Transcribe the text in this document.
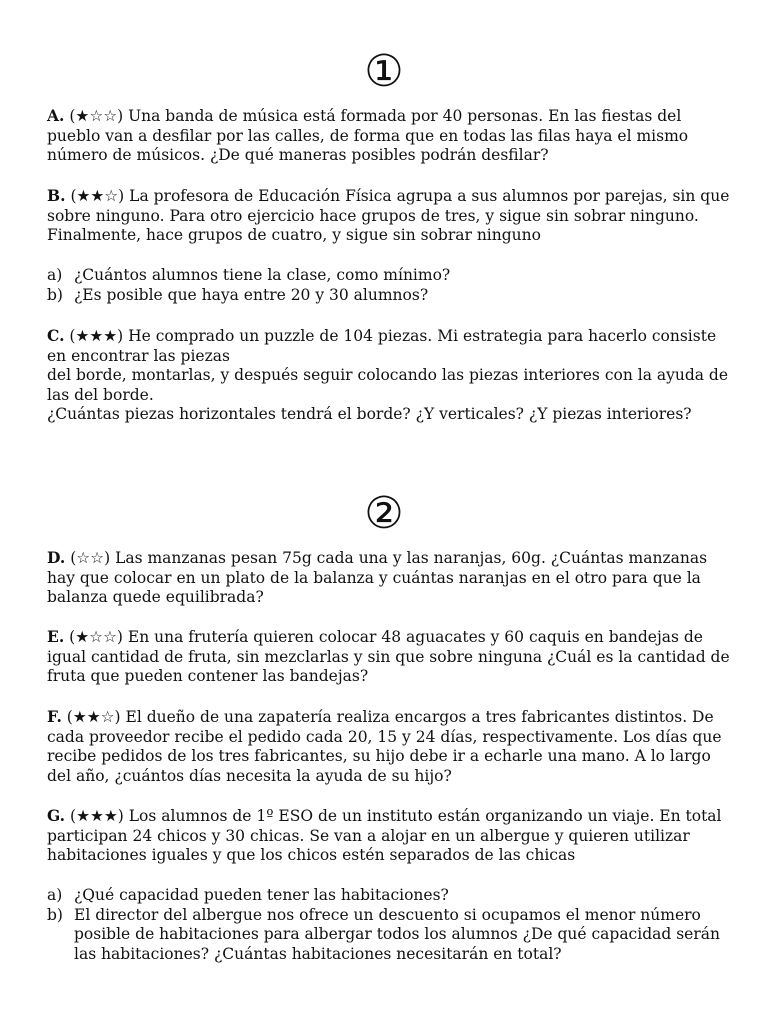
①

A. (★☆☆) Una banda de música está formada por 40 personas. En las fiestas del pueblo van a desfilar por las calles, de forma que en todas las filas haya el mismo número de músicos. ¿De qué maneras posibles podrán desfilar?

B. (★★☆) La profesora de Educación Física agrupa a sus alumnos por parejas, sin que sobre ninguno. Para otro ejercicio hace grupos de tres, y sigue sin sobrar ninguno. Finalmente, hace grupos de cuatro, y sigue sin sobrar ninguno

a) ¿Cuántos alumnos tiene la clase, como mínimo?
b) ¿Es posible que haya entre 20 y 30 alumnos?

C. (★★★) He comprado un puzzle de 104 piezas. Mi estrategia para hacerlo consiste en encontrar las piezas

del borde, montarlas, y después seguir colocando las piezas interiores con la ayuda de las del borde.

¿Cuántas piezas horizontales tendrá el borde? ¿Y verticales? ¿Y piezas interiores?

②

D. (☆☆) Las manzanas pesan 75g cada una y las naranjas, 60g. ¿Cuántas manzanas hay que colocar en un plato de la balanza y cuántas naranjas en el otro para que la balanza quede equilibrada?

E. (★☆☆) En una frutería quieren colocar 48 aguacates y 60 caquis en bandejas de igual cantidad de fruta, sin mezclarlas y sin que sobre ninguna ¿Cuál es la cantidad de fruta que pueden contener las bandejas?

F. (★★☆) El dueño de una zapatería realiza encargos a tres fabricantes distintos. De cada proveedor recibe el pedido cada 20, 15 y 24 días, respectivamente. Los días que recibe pedidos de los tres fabricantes, su hijo debe ir a echarle una mano. A lo largo del año, ¿cuántos días necesita la ayuda de su hijo?

G. (★★★) Los alumnos de 1º ESO de un instituto están organizando un viaje. En total participan 24 chicos y 30 chicas. Se van a alojar en un albergue y quieren utilizar habitaciones iguales y que los chicos estén separados de las chicas

a) ¿Qué capacidad pueden tener las habitaciones?
b) El director del albergue nos ofrece un descuento si ocupamos el menor número posible de habitaciones para albergar todos los alumnos ¿De qué capacidad serán las habitaciones? ¿Cuántas habitaciones necesitarán en total?
